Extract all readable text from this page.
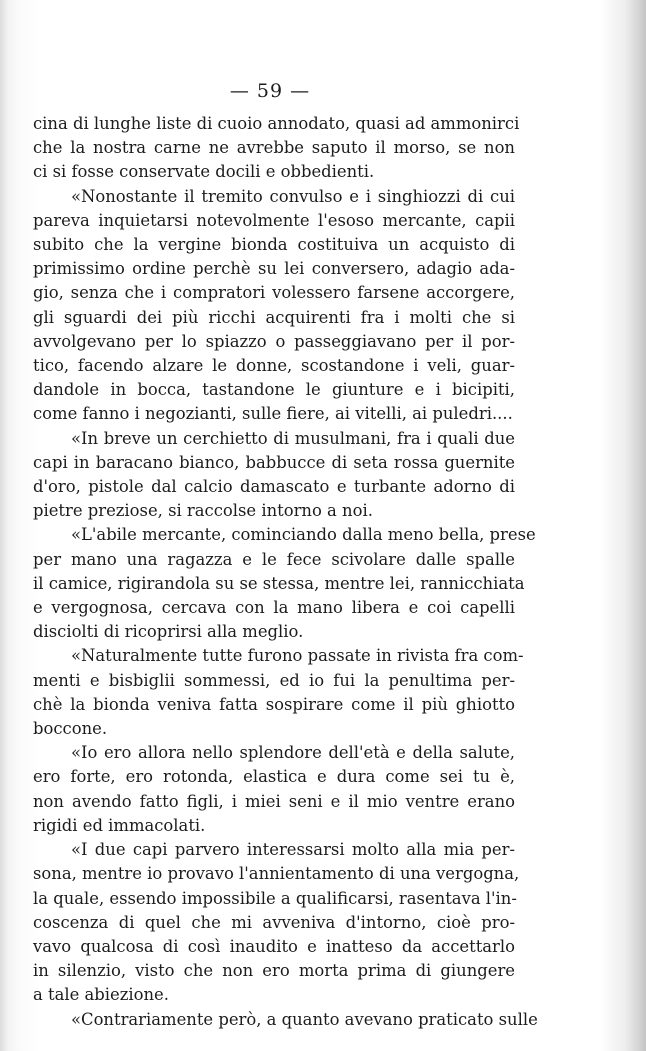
— 59 —
cina di lunghe liste di cuoio annodato, quasi ad ammonirci
che la nostra carne ne avrebbe saputo il morso, se non
ci si fosse conservate docili e obbedienti.
«Nonostante il tremito convulso e i singhiozzi di cui
pareva inquietarsi notevolmente l'esoso mercante, capii
subito che la vergine bionda costituiva un acquisto di
primissimo ordine perchè su lei conversero, adagio ada-
gio, senza che i compratori volessero farsene accorgere,
gli sguardi dei più ricchi acquirenti fra i molti che si
avvolgevano per lo spiazzo o passeggiavano per il por-
tico, facendo alzare le donne, scostandone i veli, guar-
dandole in bocca, tastandone le giunture e i bicipiti,
come fanno i negozianti, sulle fiere, ai vitelli, ai puledri....
«In breve un cerchietto di musulmani, fra i quali due
capi in baracano bianco, babbucce di seta rossa guernite
d'oro, pistole dal calcio damascato e turbante adorno di
pietre preziose, si raccolse intorno a noi.
«L'abile mercante, cominciando dalla meno bella, prese
per mano una ragazza e le fece scivolare dalle spalle
il camice, rigirandola su se stessa, mentre lei, rannicchiata
e vergognosa, cercava con la mano libera e coi capelli
disciolti di ricoprirsi alla meglio.
«Naturalmente tutte furono passate in rivista fra com-
menti e bisbiglii sommessi, ed io fui la penultima per-
chè la bionda veniva fatta sospirare come il più ghiotto
boccone.
«Io ero allora nello splendore dell'età e della salute,
ero forte, ero rotonda, elastica e dura come sei tu è,
non avendo fatto figli, i miei seni e il mio ventre erano
rigidi ed immacolati.
«I due capi parvero interessarsi molto alla mia per-
sona, mentre io provavo l'annientamento di una vergogna,
la quale, essendo impossibile a qualificarsi, rasentava l'in-
coscenza di quel che mi avveniva d'intorno, cioè pro-
vavo qualcosa di così inaudito e inatteso da accettarlo
in silenzio, visto che non ero morta prima di giungere
a tale abiezione.
«Contrariamente però, a quanto avevano praticato sulle
